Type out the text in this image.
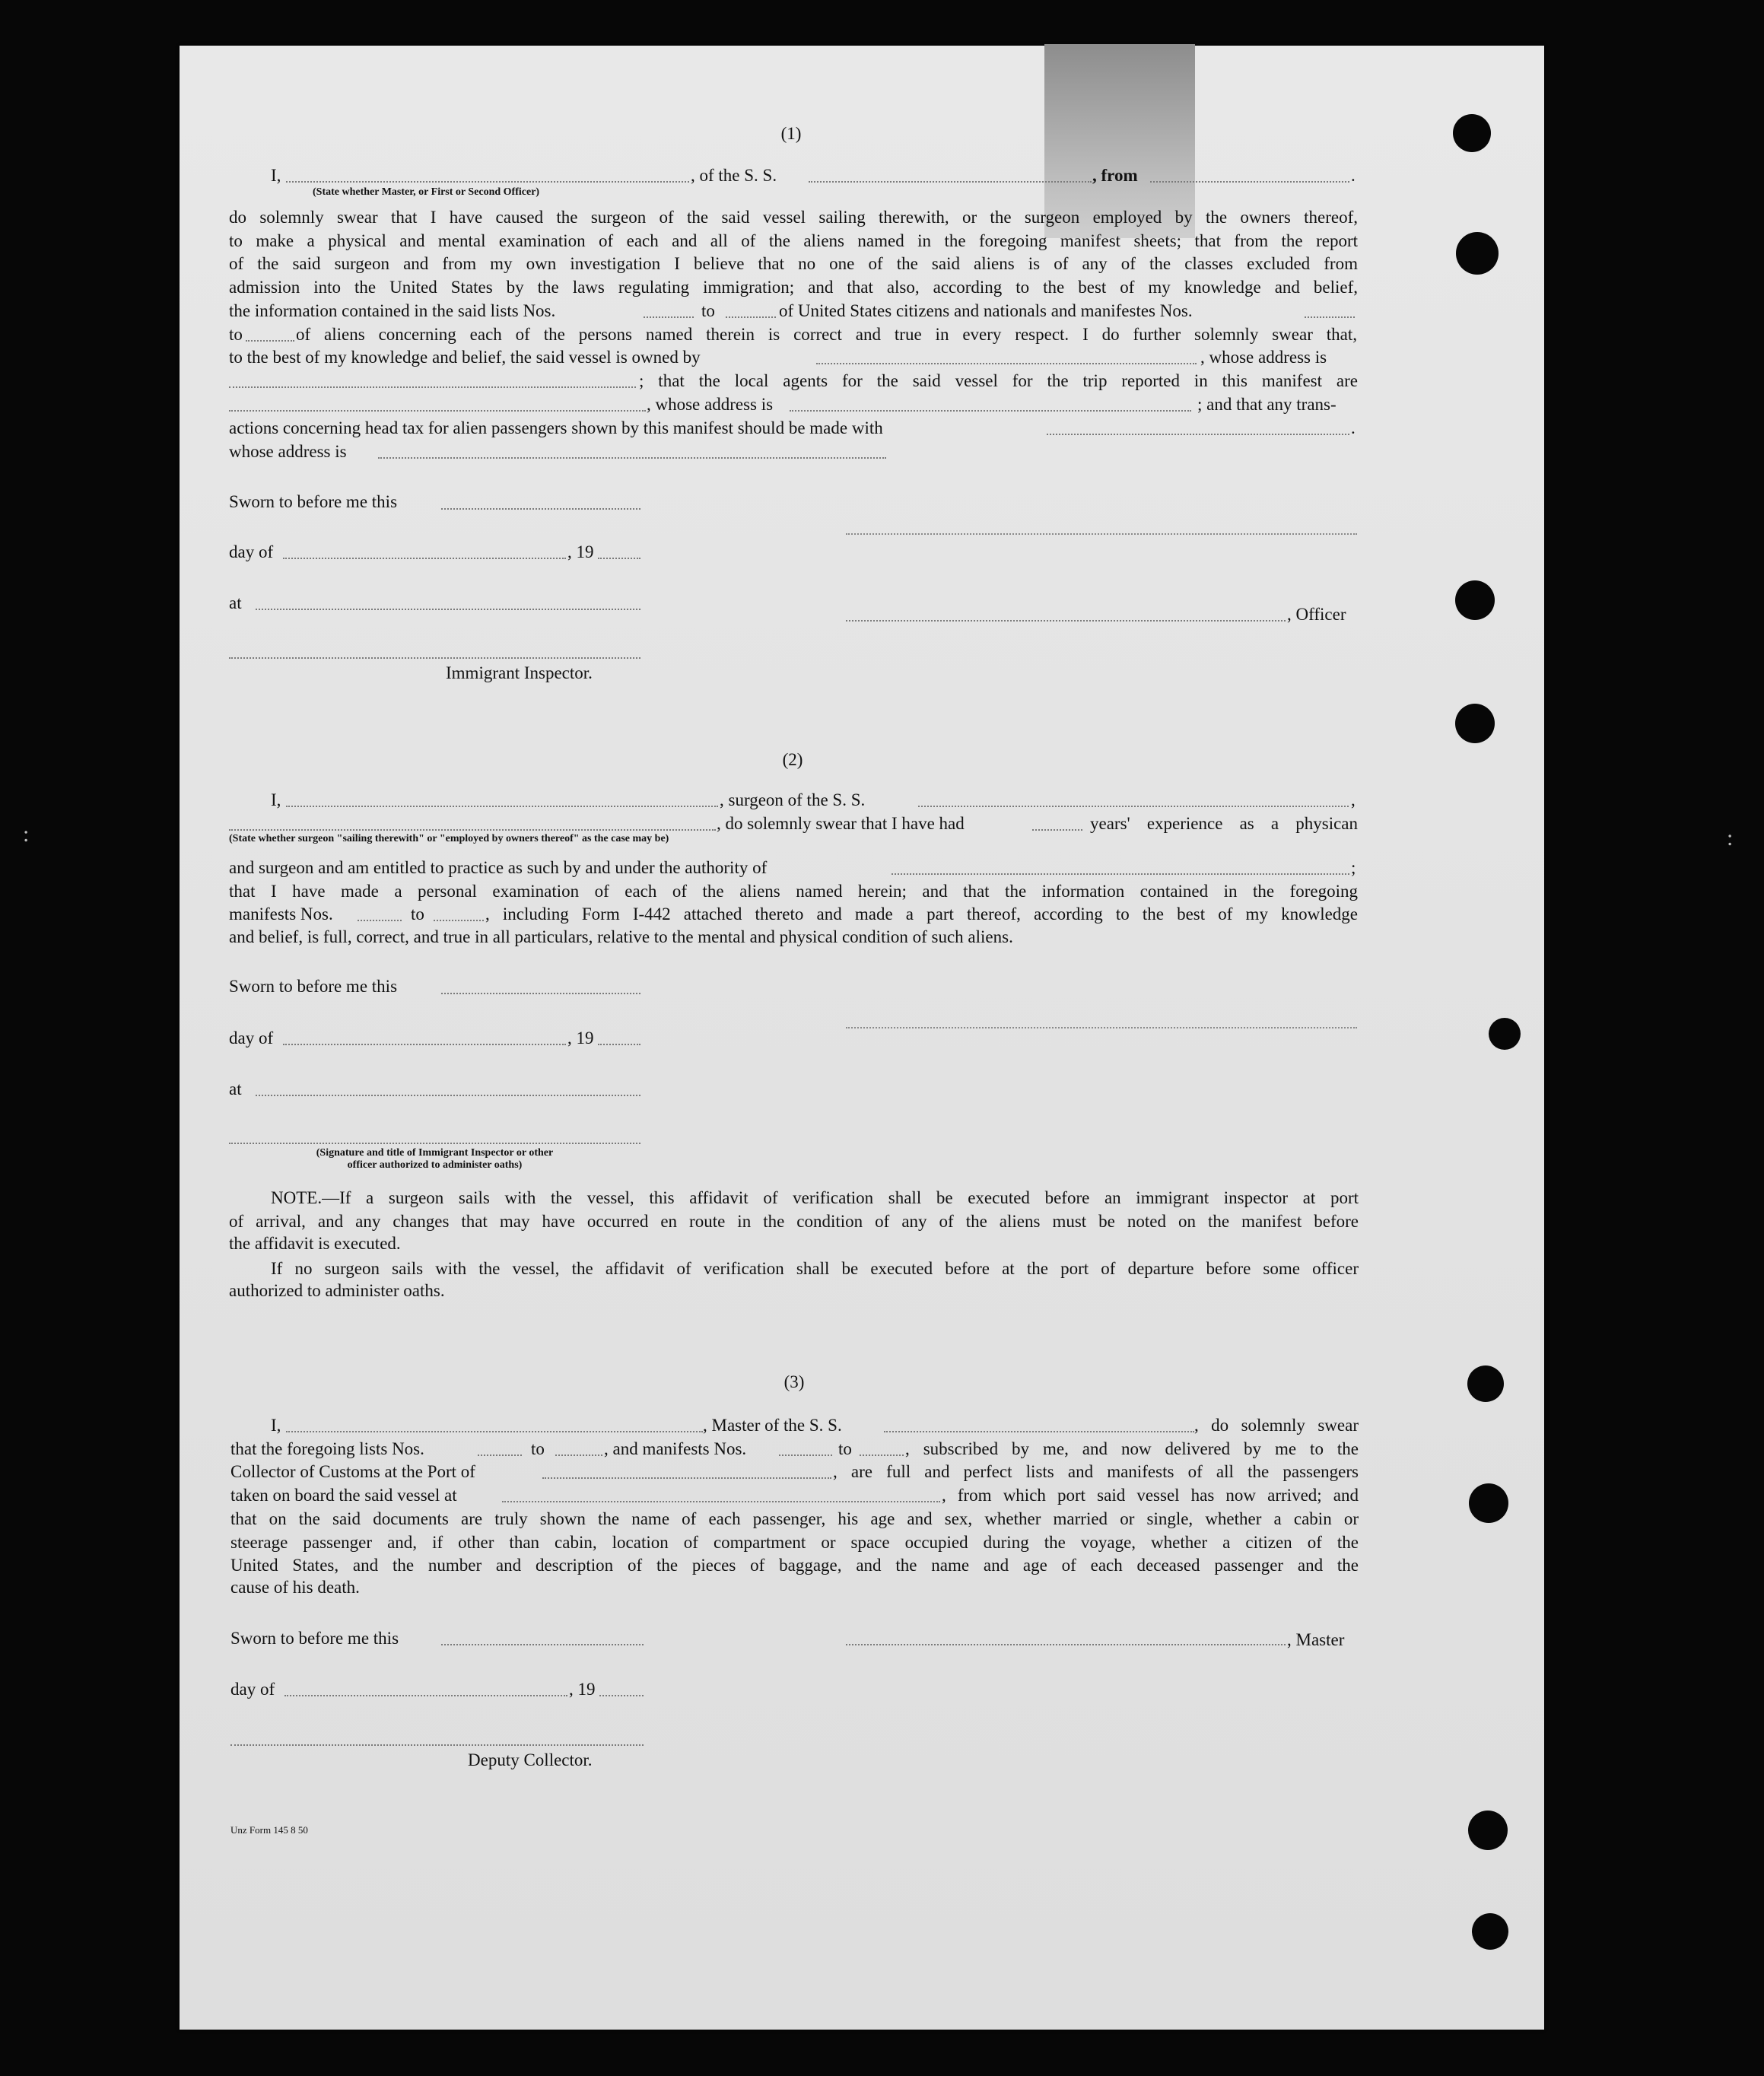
(1)
I,	, of the S. S.	, from	.
(State whether Master, or First or Second Officer)
do solemnly swear that I have caused the surgeon of the said vessel sailing therewith, or the surgeon employed by the owners thereof,
to make a physical and mental examination of each and all of the aliens named in the foregoing manifest sheets; that from the report
of the said surgeon and from my own investigation I believe that no one of the said aliens is of any of the classes excluded from
admission into the United States by the laws regulating immigration; and that also, according to the best of my knowledge and belief,
the information contained in the said lists Nos.	to	of United States citizens and nationals and manifestes Nos.
to	of aliens concerning each of the persons named therein is correct and true in every respect. I do further solemnly swear that,
to the best of my knowledge and belief, the said vessel is owned by	, whose address is
; that the local agents for the said vessel for the trip reported in this manifest are
, whose address is	; and that any trans-
actions concerning head tax for alien passengers shown by this manifest should be made with	.
whose address is
Sworn to before me this
day of	, 19
at
, Officer
Immigrant Inspector.
(2)
I,	, surgeon of the S. S.	,
, do solemnly swear that I have had	years' experience as a physican
(State whether surgeon "sailing therewith" or "employed by owners thereof" as the case may be)
and surgeon and am entitled to practice as such by and under the authority of	;
that I have made a personal examination of each of the aliens named herein; and that the information contained in the foregoing
manifests Nos.	to	, including Form I-442 attached thereto and made a part thereof, according to the best of my knowledge
and belief, is full, correct, and true in all particulars, relative to the mental and physical condition of such aliens.
Sworn to before me this
day of	, 19
at
(Signature and title of Immigrant Inspector or other
officer authorized to administer oaths)
NOTE.—If a surgeon sails with the vessel, this affidavit of verification shall be executed before an immigrant inspector at port
of arrival, and any changes that may have occurred en route in the condition of any of the aliens must be noted on the manifest before
the affidavit is executed.
If no surgeon sails with the vessel, the affidavit of verification shall be executed before at the port of departure before some officer
authorized to administer oaths.
(3)
I,	, Master of the S. S.	, do solemnly swear
that the foregoing lists Nos.	to	, and manifests Nos.	to	, subscribed by me, and now delivered by me to the
Collector of Customs at the Port of	, are full and perfect lists and manifests of all the passengers
taken on board the said vessel at	, from which port said vessel has now arrived; and
that on the said documents are truly shown the name of each passenger, his age and sex, whether married or single, whether a cabin or
steerage passenger and, if other than cabin, location of compartment or space occupied during the voyage, whether a citizen of the
United States, and the number and description of the pieces of baggage, and the name and age of each deceased passenger and the
cause of his death.
Sworn to before me this	, Master
day of	, 19
Deputy Collector.
Unz Form 145 8 50
:	:
